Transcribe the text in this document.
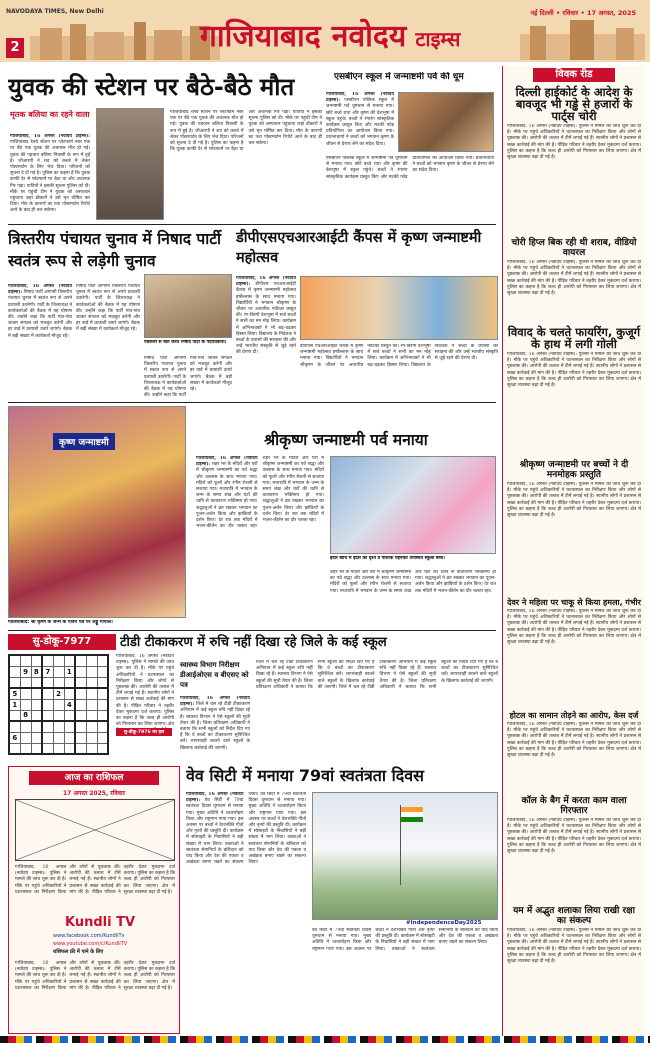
NAVODAYA TIMES, New Delhi	नई दिल्ली • रविवार • 17 अगस्त, 2025
2	गाजियाबाद नवोदय टाइम्स
युवक की स्टेशन पर बैठे-बैठे मौत
मृतक बलिया का रहने वाला
गाजियाबाद, 16 अगस्त (नवोदय टाइम्स): गाजियाबाद रेलवे स्टेशन पर प्लेटफार्म नंबर एक पर बैठे एक युवक की अचानक मौत हो गई। युवक की पहचान बलिया निवासी के रूप में हुई है। जीआरपी ने शव को कब्जे में लेकर पोस्टमार्टम के लिए भेज दिया। परिजनों को सूचना दे दी गई है। पुलिस का कहना है कि युवक काफी देर से प्लेटफार्म पर बैठा था और अचानक गिर पड़ा। यात्रियों ने इसकी सूचना पुलिस को दी। मौके पर पहुंची टीम ने युवक को अस्पताल पहुंचाया जहां डॉक्टरों ने उसे मृत घोषित कर दिया। मौत के कारणों का पता पोस्टमार्टम रिपोर्ट आने के बाद ही चल सकेगा।
गाजियाबाद रेलवे स्टेशन पर प्लेटफार्म नंबर एक पर बैठे एक युवक की अचानक मौत हो गई। युवक की पहचान बलिया निवासी के रूप में हुई है। जीआरपी ने शव को कब्जे में लेकर पोस्टमार्टम के लिए भेज दिया। परिजनों को सूचना दे दी गई है। पुलिस का कहना है कि युवक काफी देर से प्लेटफार्म पर बैठा था और अचानक गिर पड़ा। यात्रियों ने इसकी सूचना पुलिस को दी। मौके पर पहुंची टीम ने युवक को अस्पताल पहुंचाया जहां डॉक्टरों ने उसे मृत घोषित कर दिया। मौत के कारणों का पता पोस्टमार्टम रिपोर्ट आने के बाद ही चल सकेगा।
एसबीएन स्कूल में जन्माष्टमी पर्व की धूम
गाजियाबाद, 16 अगस्त (नवोदय टाइम्स): एसबीएन पब्लिक स्कूल में जन्माष्टमी पर्व धूमधाम से मनाया गया। छोटे बच्चे राधा और कृष्ण की वेशभूषा में स्कूल पहुंचे। बच्चों ने रंगारंग सांस्कृतिक कार्यक्रम प्रस्तुत किए और मटकी फोड़ प्रतियोगिता का आयोजन किया गया। प्रधानाचार्या ने बच्चों को भगवान कृष्ण के जीवन से प्रेरणा लेने का संदेश दिया।
एसबीएन पब्लिक स्कूल में जन्माष्टमी पर्व धूमधाम से मनाया गया। छोटे बच्चे राधा और कृष्ण की वेशभूषा में स्कूल पहुंचे। बच्चों ने रंगारंग सांस्कृतिक कार्यक्रम प्रस्तुत किए और मटकी फोड़ प्रतियोगिता का आयोजन किया गया। प्रधानाचार्या ने बच्चों को भगवान कृष्ण के जीवन से प्रेरणा लेने का संदेश दिया।
त्रिस्तरीय पंचायत चुनाव में निषाद पार्टी स्वतंत्र रूप से लड़ेगी चुनाव
गाजियाबाद, 16 अगस्त (नवोदय टाइम्स): निषाद पार्टी आगामी त्रिस्तरीय पंचायत चुनाव में स्वतंत्र रूप से अपने प्रत्याशी उतारेगी। पार्टी के जिलाध्यक्ष ने कार्यकर्ताओं की बैठक में यह घोषणा की। उन्होंने कहा कि पार्टी गांव-गांव जाकर संगठन को मजबूत करेगी और हर वार्ड में प्रत्याशी उतारे जाएंगे। बैठक में बड़ी संख्या में कार्यकर्ता मौजूद रहे।
निषाद पार्टी आगामी त्रिस्तरीय पंचायत चुनाव में स्वतंत्र रूप से अपने प्रत्याशी उतारेगी। पार्टी के जिलाध्यक्ष ने कार्यकर्ताओं की बैठक में यह घोषणा की। उन्होंने कहा कि पार्टी गांव-गांव जाकर संगठन को मजबूत करेगी और हर वार्ड में प्रत्याशी उतारे जाएंगे। बैठक में बड़ी संख्या में कार्यकर्ता मौजूद रहे।
पत्रकारों से बात करते निषाद पार्टी के पदाधिकारी।
निषाद पार्टी आगामी त्रिस्तरीय पंचायत चुनाव में स्वतंत्र रूप से अपने प्रत्याशी उतारेगी। पार्टी के जिलाध्यक्ष ने कार्यकर्ताओं की बैठक में यह घोषणा की। उन्होंने कहा कि पार्टी गांव-गांव जाकर संगठन को मजबूत करेगी और हर वार्ड में प्रत्याशी उतारे जाएंगे। बैठक में बड़ी संख्या में कार्यकर्ता मौजूद रहे।
डीपीएसएचआरआईटी कैंपस में कृष्ण जन्माष्टमी महोत्सव
गाजियाबाद, 16 अगस्त (नवोदय टाइम्स): डीपीएस एचआरआईटी कैंपस में कृष्ण जन्माष्टमी महोत्सव हर्षोल्लास के साथ मनाया गया। विद्यार्थियों ने भगवान श्रीकृष्ण के जीवन पर आधारित नाटिका प्रस्तुत की। रंग-बिरंगी वेशभूषा में सजे बच्चों ने सभी का मन मोह लिया। कार्यक्रम में अभिभावकों ने भी बढ़-चढ़कर हिस्सा लिया। विद्यालय के निदेशक ने बच्चों के प्रयासों की सराहना की और उन्हें भारतीय संस्कृति से जुड़े रहने की प्रेरणा दी।
डीपीएस एचआरआईटी कैंपस में कृष्ण जन्माष्टमी महोत्सव हर्षोल्लास के साथ मनाया गया। विद्यार्थियों ने भगवान श्रीकृष्ण के जीवन पर आधारित नाटिका प्रस्तुत की। रंग-बिरंगी वेशभूषा में सजे बच्चों ने सभी का मन मोह लिया। कार्यक्रम में अभिभावकों ने भी बढ़-चढ़कर हिस्सा लिया। विद्यालय के निदेशक ने बच्चों के प्रयासों की सराहना की और उन्हें भारतीय संस्कृति से जुड़े रहने की प्रेरणा दी।
कृष्ण जन्माष्टमी
गाजियाबाद: श्री कृष्ण के जन्म के पावन पर्व पर लड्डू गोपाल।
श्रीकृष्ण जन्माष्टमी पर्व मनाया
गाजियाबाद, 16 अगस्त (नवोदय टाइम्स): शहर भर के मंदिरों और घरों में श्रीकृष्ण जन्माष्टमी का पर्व श्रद्धा और उल्लास के साथ मनाया गया। मंदिरों को फूलों और रंगीन रोशनी से सजाया गया। मध्यरात्रि में भगवान के जन्म के समय शंख और घंटों की ध्वनि से वातावरण भक्तिमय हो गया। श्रद्धालुओं ने व्रत रखकर भगवान का पूजन-अर्चन किया और झांकियों के दर्शन किए। देर रात तक मंदिरों में भजन-कीर्तन का दौर चलता रहा। शहर भर के मंदिरों और घरों में श्रीकृष्ण जन्माष्टमी का पर्व श्रद्धा और उल्लास के साथ मनाया गया। मंदिरों को फूलों और रंगीन रोशनी से सजाया गया। मध्यरात्रि में भगवान के जन्म के समय शंख और घंटों की ध्वनि से वातावरण भक्तिमय हो गया। श्रद्धालुओं ने व्रत रखकर भगवान का पूजन-अर्चन किया और झांकियों के दर्शन किए। देर रात तक मंदिरों में भजन-कीर्तन का दौर चलता रहा।
इंदौर बोधि में इंदौर का दृश्य व पोशाक पहनकर उपस्थित स्कूली बच्चे।
शहर भर के मंदिरों और घरों में श्रीकृष्ण जन्माष्टमी का पर्व श्रद्धा और उल्लास के साथ मनाया गया। मंदिरों को फूलों और रंगीन रोशनी से सजाया गया। मध्यरात्रि में भगवान के जन्म के समय शंख और घंटों की ध्वनि से वातावरण भक्तिमय हो गया। श्रद्धालुओं ने व्रत रखकर भगवान का पूजन-अर्चन किया और झांकियों के दर्शन किए। देर रात तक मंदिरों में भजन-कीर्तन का दौर चलता रहा।
सु-डोकू-7977

	9	8	7		1			

5				2				
1					4			
	8							

6								

गाजियाबाद, 16 अगस्त (नवोदय टाइम्स): पुलिस ने मामले की जांच शुरू कर दी है। मौके पर पहुंचे अधिकारियों ने घटनास्थल का निरीक्षण किया और लोगों से पूछताछ की। आरोपी की तलाश में टीमें लगाई गई हैं। स्थानीय लोगों ने प्रशासन से सख्त कार्रवाई की मांग की है। पीड़ित परिवार ने तहरीर देकर मुकदमा दर्ज कराया। पुलिस का कहना है कि जल्द ही आरोपी को गिरफ्तार कर लिया जाएगा। क्षेत्र
सु-डोकू-7976 का हल
टीडी टीकाकरण में रुचि नहीं दिखा रहे जिले के कई स्कूल
स्वास्थ्य विभाग निरीक्षण डीआईओएस व बीएसए को पत्र
गाजियाबाद, 16 अगस्त (नवोदय टाइम्स): जिले में चल रहे टीडी टीकाकरण अभियान में कई स्कूल रुचि नहीं दिखा रहे हैं। स्वास्थ्य विभाग ने ऐसे स्कूलों की सूची तैयार की है। जिला प्रतिरक्षण अधिकारी ने बताया कि सभी स्कूलों को निर्देश दिए गए हैं कि वे बच्चों का टीकाकरण सुनिश्चित करें। लापरवाही बरतने वाले स्कूलों के खिलाफ कार्रवाई की जाएगी।
जिले में चल रहे टीडी टीकाकरण अभियान में कई स्कूल रुचि नहीं दिखा रहे हैं। स्वास्थ्य विभाग ने ऐसे स्कूलों की सूची तैयार की है। जिला प्रतिरक्षण अधिकारी ने बताया कि सभी स्कूलों को निर्देश दिए गए हैं कि वे बच्चों का टीकाकरण सुनिश्चित करें। लापरवाही बरतने वाले स्कूलों के खिलाफ कार्रवाई की जाएगी। जिले में चल रहे टीडी टीकाकरण अभियान में कई स्कूल रुचि नहीं दिखा रहे हैं। स्वास्थ्य विभाग ने ऐसे स्कूलों की सूची तैयार की है। जिला प्रतिरक्षण अधिकारी ने बताया कि सभी स्कूलों को निर्देश दिए गए हैं कि वे बच्चों का टीकाकरण सुनिश्चित करें। लापरवाही बरतने वाले स्कूलों के खिलाफ कार्रवाई की जाएगी।
आज का राशिफल
17 अगस्त 2025, रविवार
गाजियाबाद, 16 अगस्त (नवोदय टाइम्स): पुलिस ने मामले की जांच शुरू कर दी है। मौके पर पहुंचे अधिकारियों ने घटनास्थल का निरीक्षण किया और लोगों से पूछताछ की। आरोपी की तलाश में टीमें लगाई गई हैं। स्थानीय लोगों ने प्रशासन से सख्त कार्रवाई की मांग की है। पीड़ित परिवार ने तहरीर देकर मुकदमा दर्ज कराया। पुलिस का कहना है कि जल्द ही आरोपी को गिरफ्तार कर लिया जाएगा। क्षेत्र में सुरक्षा व्यवस्था बढ़ा दी गई है।
Kundli TV
www.facebook.com/KundliTv
www.youtube.com/c/KundliTV
राशिफल फ्री में पाने के लिए
गाजियाबाद, 16 अगस्त (नवोदय टाइम्स): पुलिस ने मामले की जांच शुरू कर दी है। मौके पर पहुंचे अधिकारियों ने घटनास्थल का निरीक्षण किया और लोगों से पूछताछ की। आरोपी की तलाश में टीमें लगाई गई हैं। स्थानीय लोगों ने प्रशासन से सख्त कार्रवाई की मांग की है। पीड़ित परिवार ने तहरीर देकर मुकदमा दर्ज कराया। पुलिस का कहना है कि जल्द ही आरोपी को गिरफ्तार कर लिया जाएगा। क्षेत्र में सुरक्षा व्यवस्था बढ़ा दी गई है।
वेव सिटी में मनाया 79वां स्वतंत्रता दिवस
गाजियाबाद, 16 अगस्त (नवोदय टाइम्स): वेव सिटी में 79वां स्वतंत्रता दिवस धूमधाम से मनाया गया। मुख्य अतिथि ने ध्वजारोहण किया और राष्ट्रगान गाया गया। इस अवसर पर बच्चों ने देशभक्ति गीतों और नृत्यों की प्रस्तुति दी। कार्यक्रम में सोसाइटी के निवासियों ने बड़ी संख्या में भाग लिया। वक्ताओं ने स्वतंत्रता सेनानियों के बलिदान को याद किया और देश की एकता व अखंडता बनाए रखने का संकल्प लिया। वेव सिटी में 79वां स्वतंत्रता दिवस धूमधाम से मनाया गया। मुख्य अतिथि ने ध्वजारोहण किया और राष्ट्रगान गाया गया। इस अवसर पर बच्चों ने देशभक्ति गीतों और नृत्यों की प्रस्तुति दी। कार्यक्रम में सोसाइटी के निवासियों ने बड़ी संख्या में भाग लिया। वक्ताओं ने स्वतंत्रता सेनानियों के बलिदान को याद किया और देश की एकता व अखंडता बनाए रखने का संकल्प लिया।
#IndependenceDay2025
वेव सिटी में 79वां स्वतंत्रता दिवस धूमधाम से मनाया गया। मुख्य अतिथि ने ध्वजारोहण किया और राष्ट्रगान गाया गया। इस अवसर पर बच्चों ने देशभक्ति गीतों और नृत्यों की प्रस्तुति दी। कार्यक्रम में सोसाइटी के निवासियों ने बड़ी संख्या में भाग लिया। वक्ताओं ने स्वतंत्रता सेनानियों के बलिदान को याद किया और देश की एकता व अखंडता बनाए रखने का संकल्प लिया।
विवक रीड
दिल्ली हाईकोर्ट के आदेश के बावजूद भी गड्ढे से हजारों के पार्ट्स चोरी
गाजियाबाद, 16 अगस्त (नवोदय टाइम्स): पुलिस ने मामले की जांच शुरू कर दी है। मौके पर पहुंचे अधिकारियों ने घटनास्थल का निरीक्षण किया और लोगों से पूछताछ की। आरोपी की तलाश में टीमें लगाई गई हैं। स्थानीय लोगों ने प्रशासन से सख्त कार्रवाई की मांग की है। पीड़ित परिवार ने तहरीर देकर मुकदमा दर्ज कराया। पुलिस का कहना है कि जल्द ही आरोपी को गिरफ्तार कर लिया जाएगा। क्षेत्र में सुरक्षा व्यवस्था बढ़ा दी गई है।
चोरी हिप्ल बिक रही थी शराब, वीडियो वायरल
गाजियाबाद, 16 अगस्त (नवोदय टाइम्स): पुलिस ने मामले की जांच शुरू कर दी है। मौके पर पहुंचे अधिकारियों ने घटनास्थल का निरीक्षण किया और लोगों से पूछताछ की। आरोपी की तलाश में टीमें लगाई गई हैं। स्थानीय लोगों ने प्रशासन से सख्त कार्रवाई की मांग की है। पीड़ित परिवार ने तहरीर देकर मुकदमा दर्ज कराया। पुलिस का कहना है कि जल्द ही आरोपी को गिरफ्तार कर लिया जाएगा। क्षेत्र में सुरक्षा व्यवस्था बढ़ा दी गई है।
विवाद के चलते फायरिंग, कुजूर्ग के हाथ में लगी गोली
गाजियाबाद, 16 अगस्त (नवोदय टाइम्स): पुलिस ने मामले की जांच शुरू कर दी है। मौके पर पहुंचे अधिकारियों ने घटनास्थल का निरीक्षण किया और लोगों से पूछताछ की। आरोपी की तलाश में टीमें लगाई गई हैं। स्थानीय लोगों ने प्रशासन से सख्त कार्रवाई की मांग की है। पीड़ित परिवार ने तहरीर देकर मुकदमा दर्ज कराया। पुलिस का कहना है कि जल्द ही आरोपी को गिरफ्तार कर लिया जाएगा। क्षेत्र में सुरक्षा व्यवस्था बढ़ा दी गई है।
श्रीकृष्ण जन्माष्टमी पर बच्चों ने दी मनमोहक प्रस्तुति
गाजियाबाद, 16 अगस्त (नवोदय टाइम्स): पुलिस ने मामले की जांच शुरू कर दी है। मौके पर पहुंचे अधिकारियों ने घटनास्थल का निरीक्षण किया और लोगों से पूछताछ की। आरोपी की तलाश में टीमें लगाई गई हैं। स्थानीय लोगों ने प्रशासन से सख्त कार्रवाई की मांग की है। पीड़ित परिवार ने तहरीर देकर मुकदमा दर्ज कराया। पुलिस का कहना है कि जल्द ही आरोपी को गिरफ्तार कर लिया जाएगा। क्षेत्र में सुरक्षा व्यवस्था बढ़ा दी गई है।
देवर ने महिला पर चाकू से किया हमला, गंभीर
गाजियाबाद, 16 अगस्त (नवोदय टाइम्स): पुलिस ने मामले की जांच शुरू कर दी है। मौके पर पहुंचे अधिकारियों ने घटनास्थल का निरीक्षण किया और लोगों से पूछताछ की। आरोपी की तलाश में टीमें लगाई गई हैं। स्थानीय लोगों ने प्रशासन से सख्त कार्रवाई की मांग की है। पीड़ित परिवार ने तहरीर देकर मुकदमा दर्ज कराया। पुलिस का कहना है कि जल्द ही आरोपी को गिरफ्तार कर लिया जाएगा। क्षेत्र में सुरक्षा व्यवस्था बढ़ा दी गई है।
होटल का सामान तोड़ने का आरोप, केस दर्ज
गाजियाबाद, 16 अगस्त (नवोदय टाइम्स): पुलिस ने मामले की जांच शुरू कर दी है। मौके पर पहुंचे अधिकारियों ने घटनास्थल का निरीक्षण किया और लोगों से पूछताछ की। आरोपी की तलाश में टीमें लगाई गई हैं। स्थानीय लोगों ने प्रशासन से सख्त कार्रवाई की मांग की है। पीड़ित परिवार ने तहरीर देकर मुकदमा दर्ज कराया। पुलिस का कहना है कि जल्द ही आरोपी को गिरफ्तार कर लिया जाएगा। क्षेत्र में सुरक्षा व्यवस्था बढ़ा दी गई है।
कॉल के बैग में करता काम वाला गिरफ्तार
गाजियाबाद, 16 अगस्त (नवोदय टाइम्स): पुलिस ने मामले की जांच शुरू कर दी है। मौके पर पहुंचे अधिकारियों ने घटनास्थल का निरीक्षण किया और लोगों से पूछताछ की। आरोपी की तलाश में टीमें लगाई गई हैं। स्थानीय लोगों ने प्रशासन से सख्त कार्रवाई की मांग की है। पीड़ित परिवार ने तहरीर देकर मुकदमा दर्ज कराया। पुलिस का कहना है कि जल्द ही आरोपी को गिरफ्तार कर लिया जाएगा। क्षेत्र में सुरक्षा व्यवस्था बढ़ा दी गई है।
यम में अद्भुत शलाका लिया राखी रक्षा का संकल्प
गाजियाबाद, 16 अगस्त (नवोदय टाइम्स): पुलिस ने मामले की जांच शुरू कर दी है। मौके पर पहुंचे अधिकारियों ने घटनास्थल का निरीक्षण किया और लोगों से पूछताछ की। आरोपी की तलाश में टीमें लगाई गई हैं। स्थानीय लोगों ने प्रशासन से सख्त कार्रवाई की मांग की है। पीड़ित परिवार ने तहरीर देकर मुकदमा दर्ज कराया। पुलिस का कहना है कि जल्द ही आरोपी को गिरफ्तार कर लिया जाएगा। क्षेत्र में सुरक्षा व्यवस्था बढ़ा दी गई है।
